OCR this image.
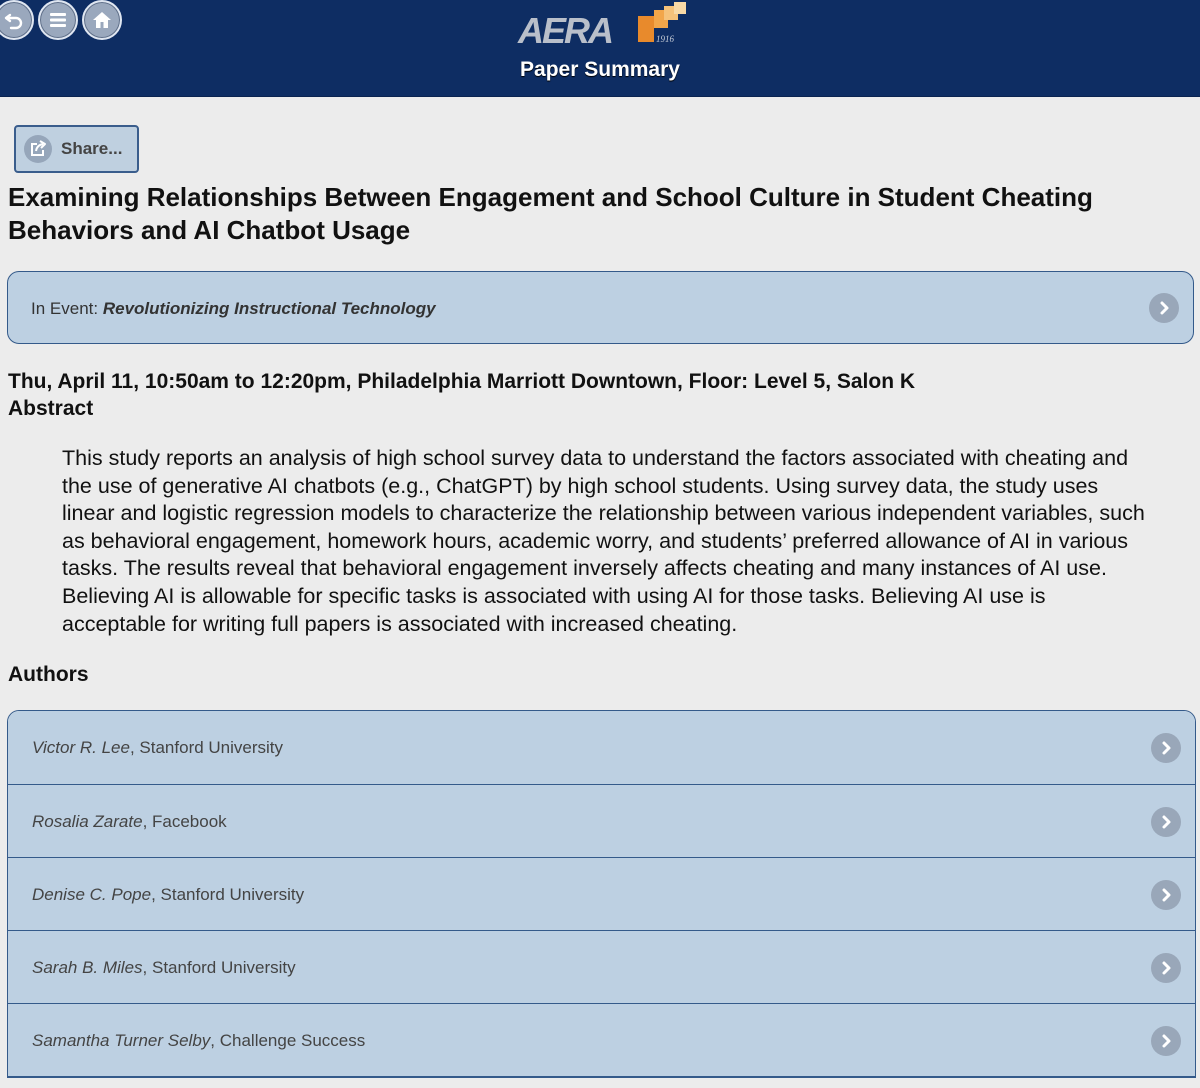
AERA	1916
Paper Summary
Share...
Examining Relationships Between Engagement and School Culture in Student Cheating Behaviors and AI Chatbot Usage
In Event: Revolutionizing Instructional Technology
Thu, April 11, 10:50am to 12:20pm, Philadelphia Marriott Downtown, Floor: Level 5, Salon K
Abstract
This study reports an analysis of high school survey data to understand the factors associated with cheating and the use of generative AI chatbots (e.g., ChatGPT) by high school students. Using survey data, the study uses linear and logistic regression models to characterize the relationship between various independent variables, such as behavioral engagement, homework hours, academic worry, and students’ preferred allowance of AI in various tasks. The results reveal that behavioral engagement inversely affects cheating and many instances of AI use. Believing AI is allowable for specific tasks is associated with using AI for those tasks. Believing AI use is acceptable for writing full papers is associated with increased cheating.
Authors
Victor R. Lee, Stanford University
Rosalia Zarate, Facebook
Denise C. Pope, Stanford University
Sarah B. Miles, Stanford University
Samantha Turner Selby, Challenge Success
